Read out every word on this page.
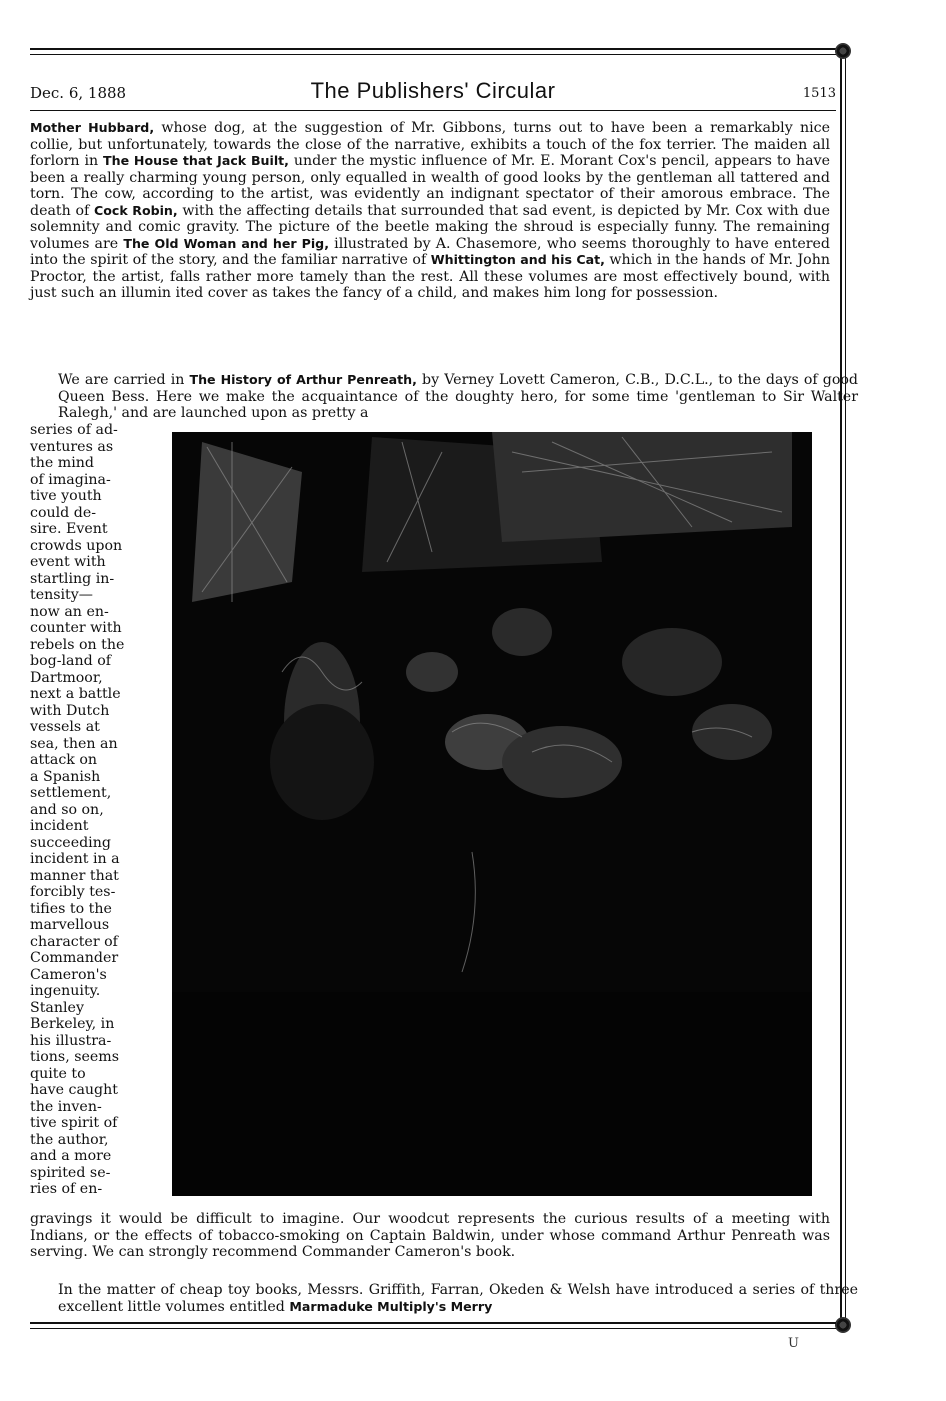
Dec. 6, 1888	The Publishers' Circular	1513
Mother Hubbard, whose dog, at the suggestion of Mr. Gibbons, turns out to have been a remarkably nice collie, but unfortunately, towards the close of the narrative, exhibits a touch of the fox terrier. The maiden all forlorn in The House that Jack Built, under the mystic influence of Mr. E. Morant Cox's pencil, appears to have been a really charming young person, only equalled in wealth of good looks by the gentleman all tattered and torn. The cow, according to the artist, was evidently an indignant spectator of their amorous embrace. The death of Cock Robin, with the affecting details that surrounded that sad event, is depicted by Mr. Cox with due solemnity and comic gravity. The picture of the beetle making the shroud is especially funny. The remaining volumes are The Old Woman and her Pig, illustrated by A. Chasemore, who seems thoroughly to have entered into the spirit of the story, and the familiar narrative of Whittington and his Cat, which in the hands of Mr. John Proctor, the artist, falls rather more tamely than the rest. All these volumes are most effectively bound, with just such an illumin ited cover as takes the fancy of a child, and makes him long for possession.
We are carried in The History of Arthur Penreath, by Verney Lovett Cameron, C.B., D.C.L., to the days of good Queen Bess. Here we make the acquaintance of the doughty hero, for some time 'gentleman to Sir Walter Ralegh,' and are launched upon as pretty a
series of ad-
ventures as
the mind
of imagina-
tive youth
could de-
sire. Event
crowds upon
event with
startling in-
tensity—
now an en-
counter with
rebels on the
bog-land of
Dartmoor,
next a battle
with Dutch
vessels at
sea, then an
attack on
a Spanish
settlement,
and so on,
incident
succeeding
incident in a
manner that
forcibly tes-
tifies to the
marvellous
character of
Commander
Cameron's
ingenuity.
Stanley
Berkeley, in
his illustra-
tions, seems
quite to
have caught
the inven-
tive spirit of
the author,
and a more
spirited se-
ries of en-
gravings it would be difficult to imagine. Our woodcut represents the curious results of a meeting with Indians, or the effects of tobacco-smoking on Captain Baldwin, under whose command Arthur Penreath was serving. We can strongly recommend Commander Cameron's book.
In the matter of cheap toy books, Messrs. Griffith, Farran, Okeden & Welsh have introduced a series of three excellent little volumes entitled Marmaduke Multiply's Merry
U
